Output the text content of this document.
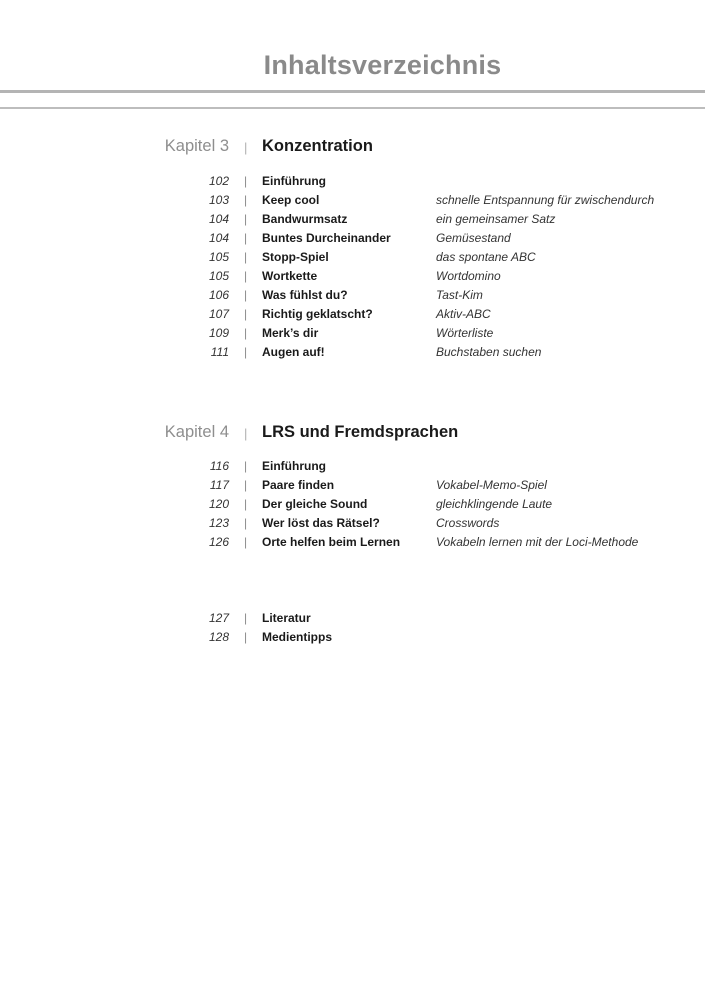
Inhaltsverzeichnis
Kapitel 3 | Konzentration
102 | Einführung
103 | Keep cool	schnelle Entspannung für zwischendurch
104 | Bandwurmsatz	ein gemeinsamer Satz
104 | Buntes Durcheinander	Gemüsestand
105 | Stopp-Spiel	das spontane ABC
105 | Wortkette	Wortdomino
106 | Was fühlst du?	Tast-Kim
107 | Richtig geklatscht?	Aktiv-ABC
109 | Merk’s dir	Wörterliste
111 | Augen auf!	Buchstaben suchen
Kapitel 4 | LRS und Fremdsprachen
116 | Einführung
117 | Paare finden	Vokabel-Memo-Spiel
120 | Der gleiche Sound	gleichklingende Laute
123 | Wer löst das Rätsel?	Crosswords
126 | Orte helfen beim Lernen	Vokabeln lernen mit der Loci-Methode
127 | Literatur
128 | Medientipps
